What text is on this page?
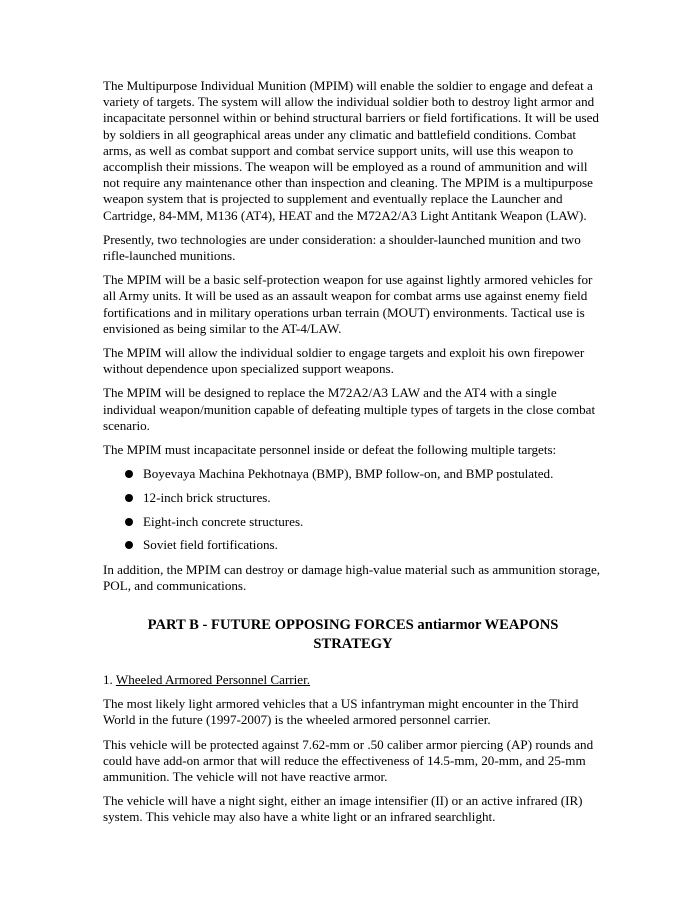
The Multipurpose Individual Munition (MPIM) will enable the soldier to engage and defeat a variety of targets. The system will allow the individual soldier both to destroy light armor and incapacitate personnel within or behind structural barriers or field fortifications. It will be used by soldiers in all geographical areas under any climatic and battlefield conditions. Combat arms, as well as combat support and combat service support units, will use this weapon to accomplish their missions. The weapon will be employed as a round of ammunition and will not require any maintenance other than inspection and cleaning. The MPIM is a multipurpose weapon system that is projected to supplement and eventually replace the Launcher and Cartridge, 84-MM, M136 (AT4), HEAT and the M72A2/A3 Light Antitank Weapon (LAW).

Presently, two technologies are under consideration: a shoulder-launched munition and two rifle-launched munitions.

The MPIM will be a basic self-protection weapon for use against lightly armored vehicles for all Army units. It will be used as an assault weapon for combat arms use against enemy field fortifications and in military operations urban terrain (MOUT) environments. Tactical use is envisioned as being similar to the AT-4/LAW.

The MPIM will allow the individual soldier to engage targets and exploit his own firepower without dependence upon specialized support weapons.

The MPIM will be designed to replace the M72A2/A3 LAW and the AT4 with a single individual weapon/munition capable of defeating multiple types of targets in the close combat scenario.

The MPIM must incapacitate personnel inside or defeat the following multiple targets:

Boyevaya Machina Pekhotnaya (BMP), BMP follow-on, and BMP postulated.
12-inch brick structures.
Eight-inch concrete structures.
Soviet field fortifications.

In addition, the MPIM can destroy or damage high-value material such as ammunition storage, POL, and communications.

PART B - FUTURE OPPOSING FORCES antiarmor WEAPONS STRATEGY

1. Wheeled Armored Personnel Carrier.

The most likely light armored vehicles that a US infantryman might encounter in the Third World in the future (1997-2007) is the wheeled armored personnel carrier.

This vehicle will be protected against 7.62-mm or .50 caliber armor piercing (AP) rounds and could have add-on armor that will reduce the effectiveness of 14.5-mm, 20-mm, and 25-mm ammunition. The vehicle will not have reactive armor.

The vehicle will have a night sight, either an image intensifier (II) or an active infrared (IR) system. This vehicle may also have a white light or an infrared searchlight.
